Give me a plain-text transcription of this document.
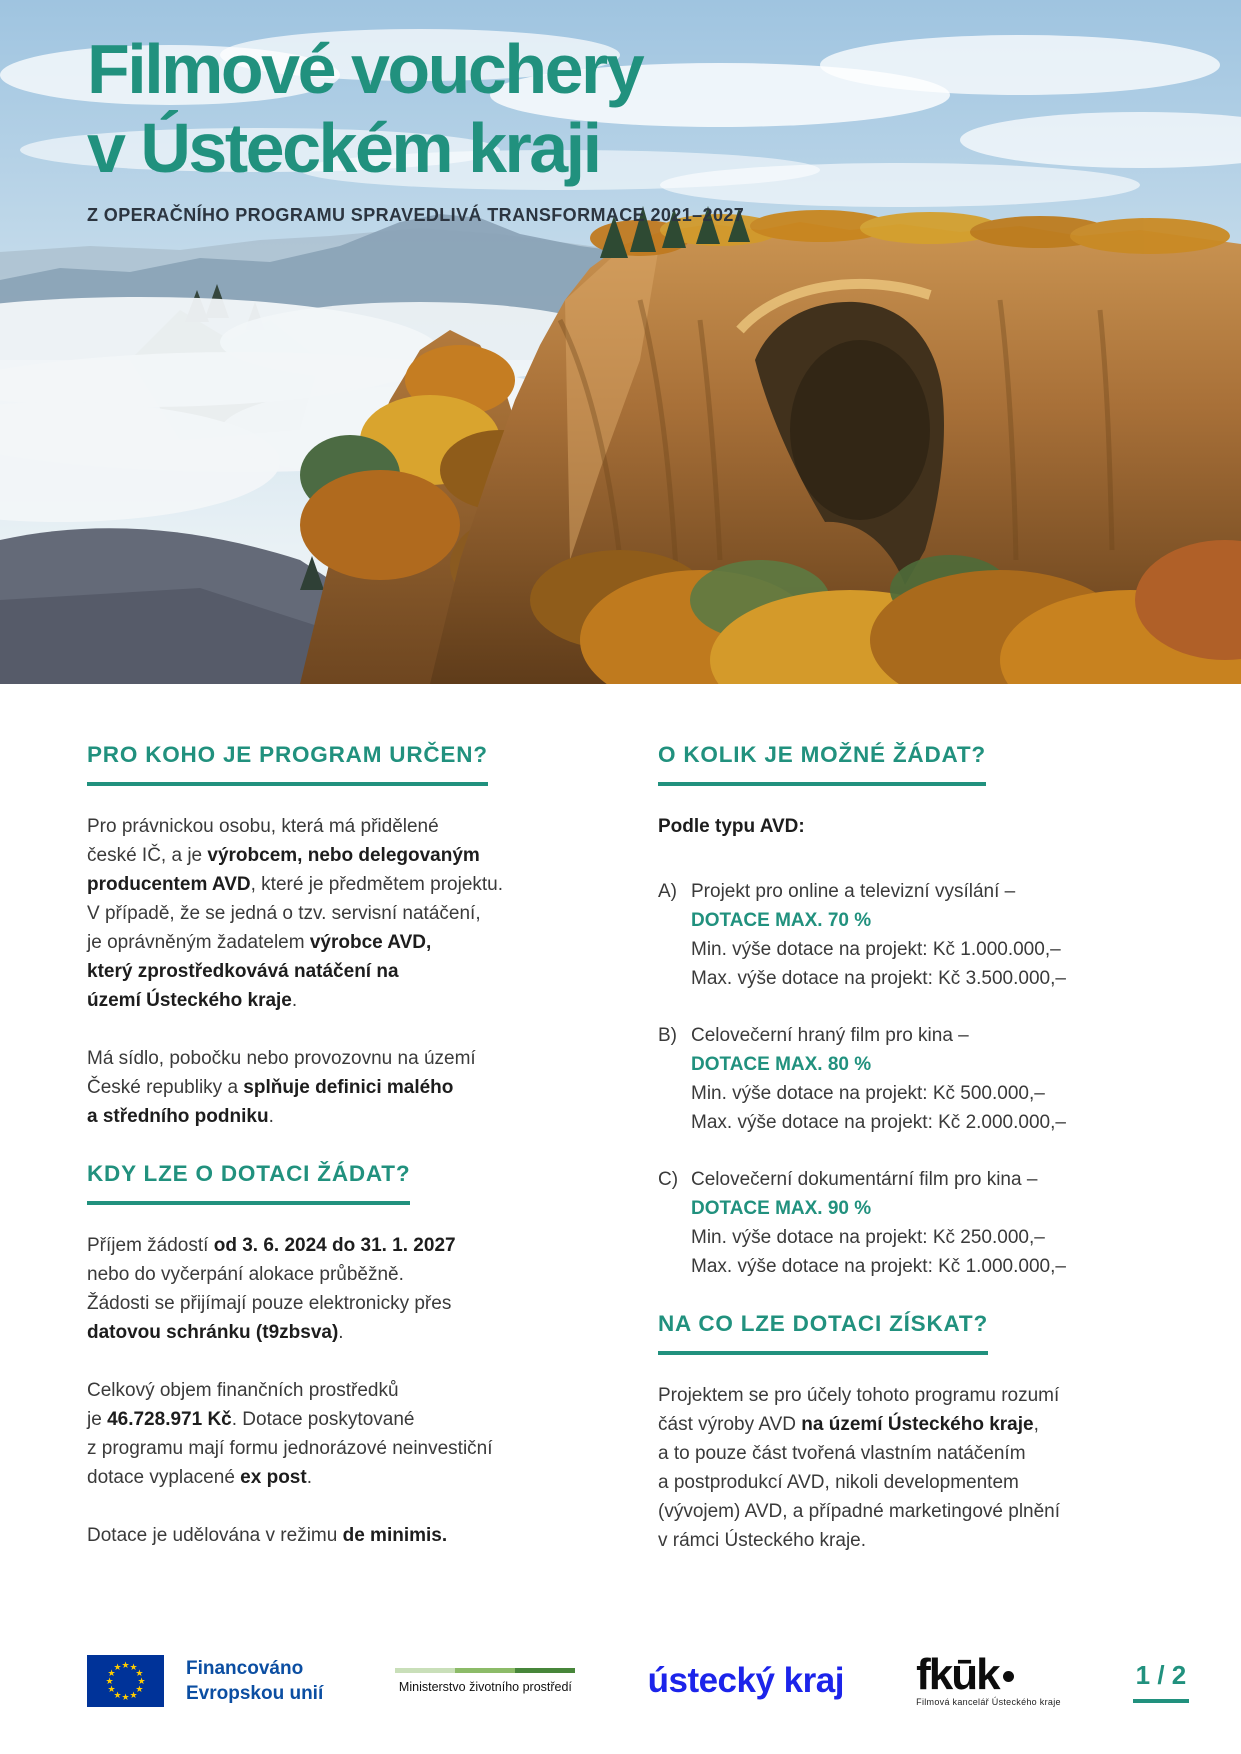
Filmové vouchery
v Ústeckém kraji
Z OPERAČNÍHO PROGRAMU SPRAVEDLIVÁ TRANSFORMACE 2021–2027
PRO KOHO JE PROGRAM URČEN?

Pro právnickou osobu, která má přidělené
české IČ, a je výrobcem, nebo delegovaným
producentem AVD, které je předmětem projektu.
V případě, že se jedná o tzv. servisní natáčení,
je oprávněným žadatelem výrobce AVD,
který zprostředkovává natáčení na
území Ústeckého kraje.

Má sídlo, pobočku nebo provozovnu na území
České republiky a splňuje definici malého
a středního podniku.

KDY LZE O DOTACI ŽÁDAT?

Příjem žádostí od 3. 6. 2024 do 31. 1. 2027
nebo do vyčerpání alokace průběžně.
Žádosti se přijímají pouze elektronicky přes
datovou schránku (t9zbsva).

Celkový objem finančních prostředků
je 46.728.971 Kč. Dotace poskytované
z programu mají formu jednorázové neinvestiční
dotace vyplacené ex post.

Dotace je udělována v režimu de minimis.

O KOLIK JE MOŽNÉ ŽÁDAT?

Podle typu AVD:

A) Projekt pro online a televizní vysílání –
DOTACE MAX. 70 %
Min. výše dotace na projekt: Kč 1.000.000,–
Max. výše dotace na projekt: Kč 3.500.000,–
B) Celovečerní hraný film pro kina –
DOTACE MAX. 80 %
Min. výše dotace na projekt: Kč 500.000,–
Max. výše dotace na projekt: Kč 2.000.000,–
C) Celovečerní dokumentární film pro kina –
DOTACE MAX. 90 %
Min. výše dotace na projekt: Kč 250.000,–
Max. výše dotace na projekt: Kč 1.000.000,–
NA CO LZE DOTACI ZÍSKAT?

Projektem se pro účely tohoto programu rozumí
část výroby AVD na území Ústeckého kraje,
a to pouze část tvořená vlastním natáčením
a postprodukcí AVD, nikoli developmentem
(vývojem) AVD, a případné marketingové plnění
v rámci Ústeckého kraje.

★ ★
★
★
★
★
★
★
★
★
★
★	Financováno
Evropskou unií	Ministerstvo životního prostředí ústecký kraj fkūk
Filmová kancelář Ústeckého kraje
1 / 2
